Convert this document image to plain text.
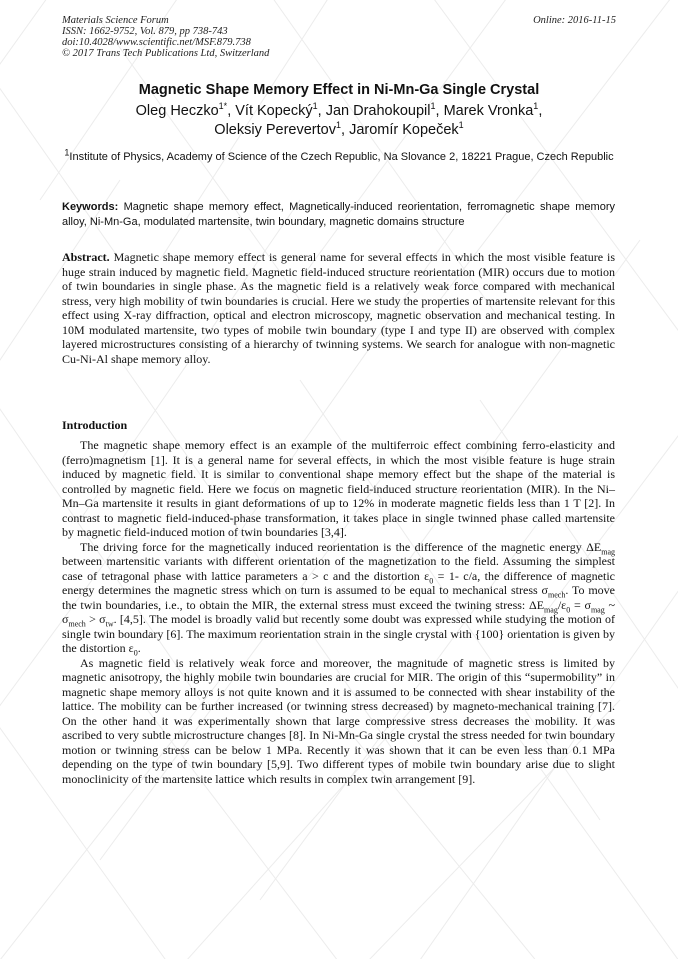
Materials Science Forum
ISSN: 1662-9752, Vol. 879, pp 738-743
doi:10.4028/www.scientific.net/MSF.879.738
© 2017 Trans Tech Publications Ltd, Switzerland
Online: 2016-11-15
Magnetic Shape Memory Effect in Ni-Mn-Ga Single Crystal
Oleg Heczko$^{1*}$, Vít Kopecký$^1$, Jan Drahokoupil$^1$, Marek Vronka$^1$,
Oleksiy Perevertov$^1$, Jaromír Kopeček$^1$
$^1$Institute of Physics, Academy of Science of the Czech Republic, Na Slovance 2, 18221 Prague, Czech Republic
Keywords: Magnetic shape memory effect, Magnetically-induced reorientation, ferromagnetic shape memory alloy, Ni-Mn-Ga, modulated martensite, twin boundary, magnetic domains structure

Abstract. Magnetic shape memory effect is general name for several effects in which the most visible feature is huge strain induced by magnetic field. Magnetic field-induced structure reorientation (MIR) occurs due to motion of twin boundaries in single phase. As the magnetic field is a relatively weak force compared with mechanical stress, very high mobility of twin boundaries is crucial. Here we study the properties of martensite relevant for this effect using X-ray diffraction, optical and electron microscopy, magnetic observation and mechanical testing. In 10M modulated martensite, two types of mobile twin boundary (type I and type II) are observed with complex layered microstructures consisting of a hierarchy of twinning systems. We search for analogue with non-magnetic Cu-Ni-Al shape memory alloy.

Introduction

The magnetic shape memory effect is an example of the multiferroic effect combining ferro-elasticity and (ferro)magnetism [1]. It is a general name for several effects, in which the most visible feature is huge strain induced by magnetic field. It is similar to conventional shape memory effect but the shape of the material is controlled by magnetic field. Here we focus on magnetic field-induced structure reorientation (MIR). In the Ni–Mn–Ga martensite it results in giant deformations of up to 12% in moderate magnetic fields less than 1 T [2]. In contrast to magnetic field-induced-phase transformation, it takes place in single twinned phase called martensite by magnetic field-induced motion of twin boundaries [3,4].

The driving force for the magnetically induced reorientation is the difference of the magnetic energy $\Delta E_{mag}$ between martensitic variants with different orientation of the magnetization to the field. Assuming the simplest case of tetragonal phase with lattice parameters a > c and the distortion $\varepsilon_0 = 1-$ c/a, the difference of magnetic energy determines the magnetic stress which on turn is assumed to be equal to mechanical stress $\sigma_{mech}$. To move the twin boundaries, i.e., to obtain the MIR, the external stress must exceed the twining stress: $\Delta E_{mag}/\varepsilon_0 = \sigma_{mag}$ ~ $\sigma_{mech} > \sigma_{tw}$. [4,5]. The model is broadly valid but recently some doubt was expressed while studying the motion of single twin boundary [6]. The maximum reorientation strain in the single crystal with {100} orientation is given by the distortion $\varepsilon_0$.

As magnetic field is relatively weak force and moreover, the magnitude of magnetic stress is limited by magnetic anisotropy, the highly mobile twin boundaries are crucial for MIR. The origin of this “supermobility” in magnetic shape memory alloys is not quite known and it is assumed to be connected with shear instability of the lattice. The mobility can be further increased (or twinning stress decreased) by magneto-mechanical training [7]. On the other hand it was experimentally shown that large compressive stress decreases the mobility. It was ascribed to very subtle microstructure changes [8]. In Ni-Mn-Ga single crystal the stress needed for twin boundary motion or twinning stress can be below 1 MPa. Recently it was shown that it can be even less than 0.1 MPa depending on the type of twin boundary [5,9]. Two different types of mobile twin boundary arise due to slight monoclinicity of the martensite lattice which results in complex twin arrangement [9].
